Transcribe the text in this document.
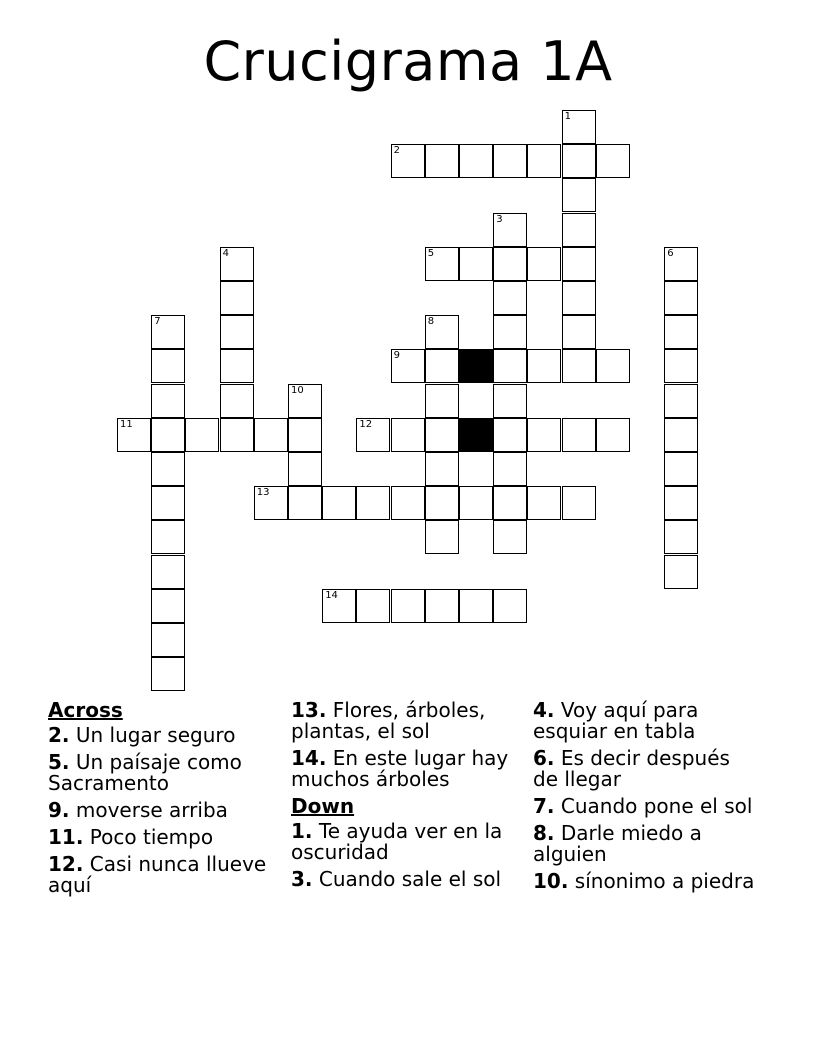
Crucigrama 1A
1
2
3
4	5	6
7	8
9
10
11	12
13
14
Across
2. Un lugar seguro
5. Un paísaje como Sacramento
9. moverse arriba
11. Poco tiempo
12. Casi nunca llueve aquí
13. Flores, árboles, plantas, el sol
14. En este lugar hay muchos árboles
Down
1. Te ayuda ver en la oscuridad
3. Cuando sale el sol
4. Voy aquí para esquiar en tabla
6. Es decir después de llegar
7. Cuando pone el sol
8. Darle miedo a alguien
10. sínonimo a piedra
